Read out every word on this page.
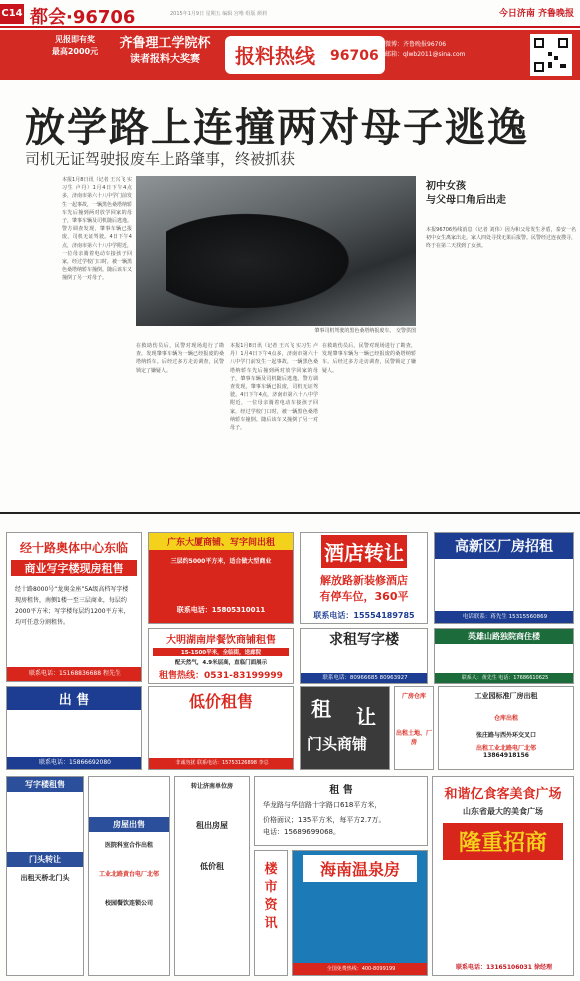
C14 都会·96706	2015年1月9日 星期五 编辑 宫唯 组版 颜莉	今日济南 齐鲁晚报
见报即有奖
最高2000元
齐鲁理工学院杯
读者报料大奖赛	报料热线 96706
微博：齐鲁晚报96706
邮箱：qlwb2011@sina.com
放学路上连撞两对母子逃逸
司机无证驾驶报废车上路肇事，终被抓获
本报1月8日讯（记者 王兴飞 实习生 卢丹）1月4日下午4点多，济南市第六十八中学门前发生一起事故，一辆黑色桑塔纳轿车先后撞到两对放学回家的母子，肇事车辆及司机随后逃逸。警方调查发现，肇事车辆已报废，司机无证驾驶。4日下午4点，济南市第六十八中学附近，一位母亲骑着电动车接孩子回家，经过学校门口时，被一辆黑色桑塔纳轿车撞倒。随后该车又撞倒了另一对母子。
肇事司机驾驶的黑色桑塔纳报废车。 交警供图
在救助伤员后，民警对现场进行了勘查，发现肇事车辆为一辆已经报废的桑塔纳轿车。后经过多方走访调查，民警锁定了嫌疑人。
本报1月8日讯（记者 王兴飞 实习生 卢丹）1月4日下午4点多，济南市第六十八中学门前发生一起事故，一辆黑色桑塔纳轿车先后撞到两对放学回家的母子，肇事车辆及司机随后逃逸。警方调查发现，肇事车辆已报废，司机无证驾驶。4日下午4点，济南市第六十八中学附近，一位母亲骑着电动车接孩子回家，经过学校门口时，被一辆黑色桑塔纳轿车撞倒。随后该车又撞倒了另一对母子。
在救助伤员后，民警对现场进行了勘查，发现肇事车辆为一辆已经报废的桑塔纳轿车。后经过多方走访调查，民警锁定了嫌疑人。
初中女孩
与父母口角后出走
本报96706热线消息（记者 刘伟）因为和父母发生矛盾，泰安一名初中女生离家出走。家人四处寻找无果后报警。民警经过连夜搜寻，终于在第二天找到了女孩。
经十路奥体中心东临
商业写字楼现房租售
经十路8000号“龙奥金座”5A级高档写字楼现房租售，南侧1楼一至三层商业，每层约2000平方米；写字楼每层约1200平方米，均可任意分割租售。
联系电话：15168836688 程先生
广东大厦商铺、写字间出租
三层约5000平方米，适合做大型商业
联系电话：15805310011
酒店转让
解放路新装修酒店
有停车位，360平
联系电话：15554189785
高新区厂房招租
电话联系：蒋先生 15315560869
大明湖南岸餐饮商铺租售
15-1500平米，全临街，送廊院
配天然气，4.9米层高，直临门面展示
租售热线：0531-83199999
求租写字楼
联系电话：80966685 80963927
英雄山路独院商住楼
联系人：黄先生 电话：17686610625
出 售
联系电话：15866692080
低价租售
非诚勿扰 联系电话：15753126898 李总
租 让
门头商铺
广房仓库
出租土地、厂房
工业园标准厂房出租
仓库出租
张庄路与西外环交叉口
出租工业北路电厂北邻
13864918156
写字楼租售
门头转让
出租天桥北门头
房屋出售
医院科室合作出租
工业北路黄台电厂北邻
校园餐饮连锁公司
转让济南单位房
租出房屋
低价租
租 售
华龙路与华信路十字路口618平方米，
价格面议；135平方米，每平方2.7万。
电话：15689699068。
楼市资讯
海南温泉房
全国免费热线：400-8099199
和谐亿食客美食广场
山东省最大的美食广场
隆重招商
联系电话：13165106031 徐经理
